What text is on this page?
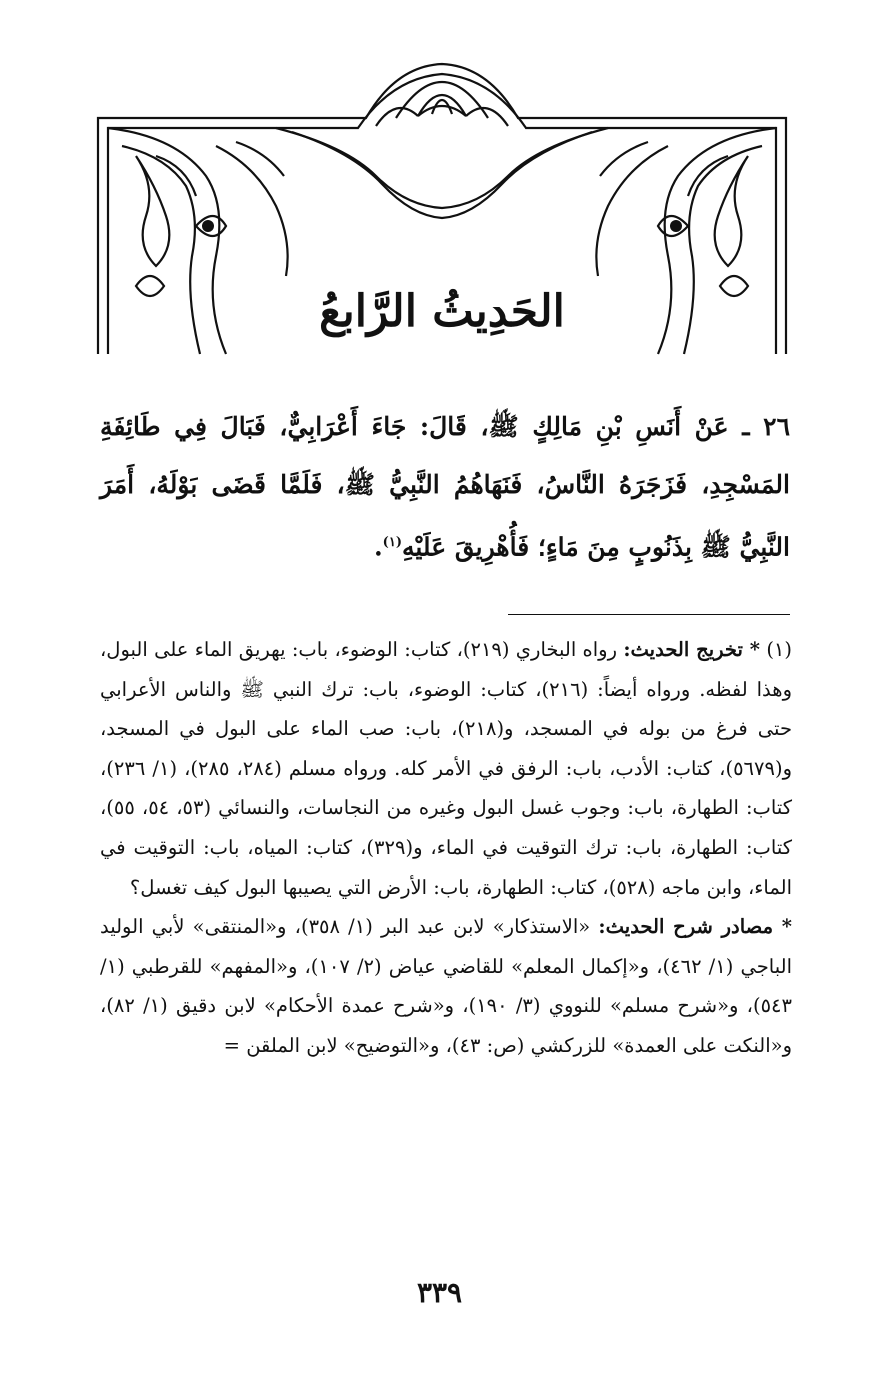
الحَدِيثُ الرَّابعُ
٢٦ ـ عَنْ أَنَسِ بْنِ مَالِكٍ ﷺ، قَالَ: جَاءَ أَعْرَابِيٌّ، فَبَالَ فِي طَائِفَةِ المَسْجِدِ، فَزَجَرَهُ النَّاسُ، فَنَهَاهُمُ النَّبِيُّ ﷺ، فَلَمَّا قَضَى بَوْلَهُ، أَمَرَ النَّبِيُّ ﷺ بِذَنُوبٍ مِنَ مَاءٍ؛ فَأُهْرِيقَ عَلَيْهِ$^{(١)}$.

(١) * تخريج الحديث: رواه البخاري (٢١٩)، كتاب: الوضوء، باب: يهريق الماء على البول، وهذا لفظه. ورواه أيضاً: (٢١٦)، كتاب: الوضوء، باب: ترك النبي ﷺ والناس الأعرابي حتى فرغ من بوله في المسجد، و(٢١٨)، باب: صب الماء على البول في المسجد، و(٥٦٧٩)، كتاب: الأدب، باب: الرفق في الأمر كله. ورواه مسلم (٢٨٤، ٢٨٥)، (١/ ٢٣٦)، كتاب: الطهارة، باب: وجوب غسل البول وغيره من النجاسات، والنسائي (٥٣، ٥٤، ٥٥)، كتاب: الطهارة، باب: ترك التوقيت في الماء، و(٣٢٩)، كتاب: المياه، باب: التوقيت في الماء، وابن ماجه (٥٢٨)، كتاب: الطهارة، باب: الأرض التي يصيبها البول كيف تغسل؟

* مصادر شرح الحديث: «الاستذكار» لابن عبد البر (١/ ٣٥٨)، و«المنتقى» لأبي الوليد الباجي (١/ ٤٦٢)، و«إكمال المعلم» للقاضي عياض (٢/ ١٠٧)، و«المفهم» للقرطبي (١/ ٥٤٣)، و«شرح مسلم» للنووي (٣/ ١٩٠)، و«شرح عمدة الأحكام» لابن دقيق (١/ ٨٢)، و«النكت على العمدة» للزركشي (ص: ٤٣)، و«التوضيح» لابن الملقن =

٣٣٩
